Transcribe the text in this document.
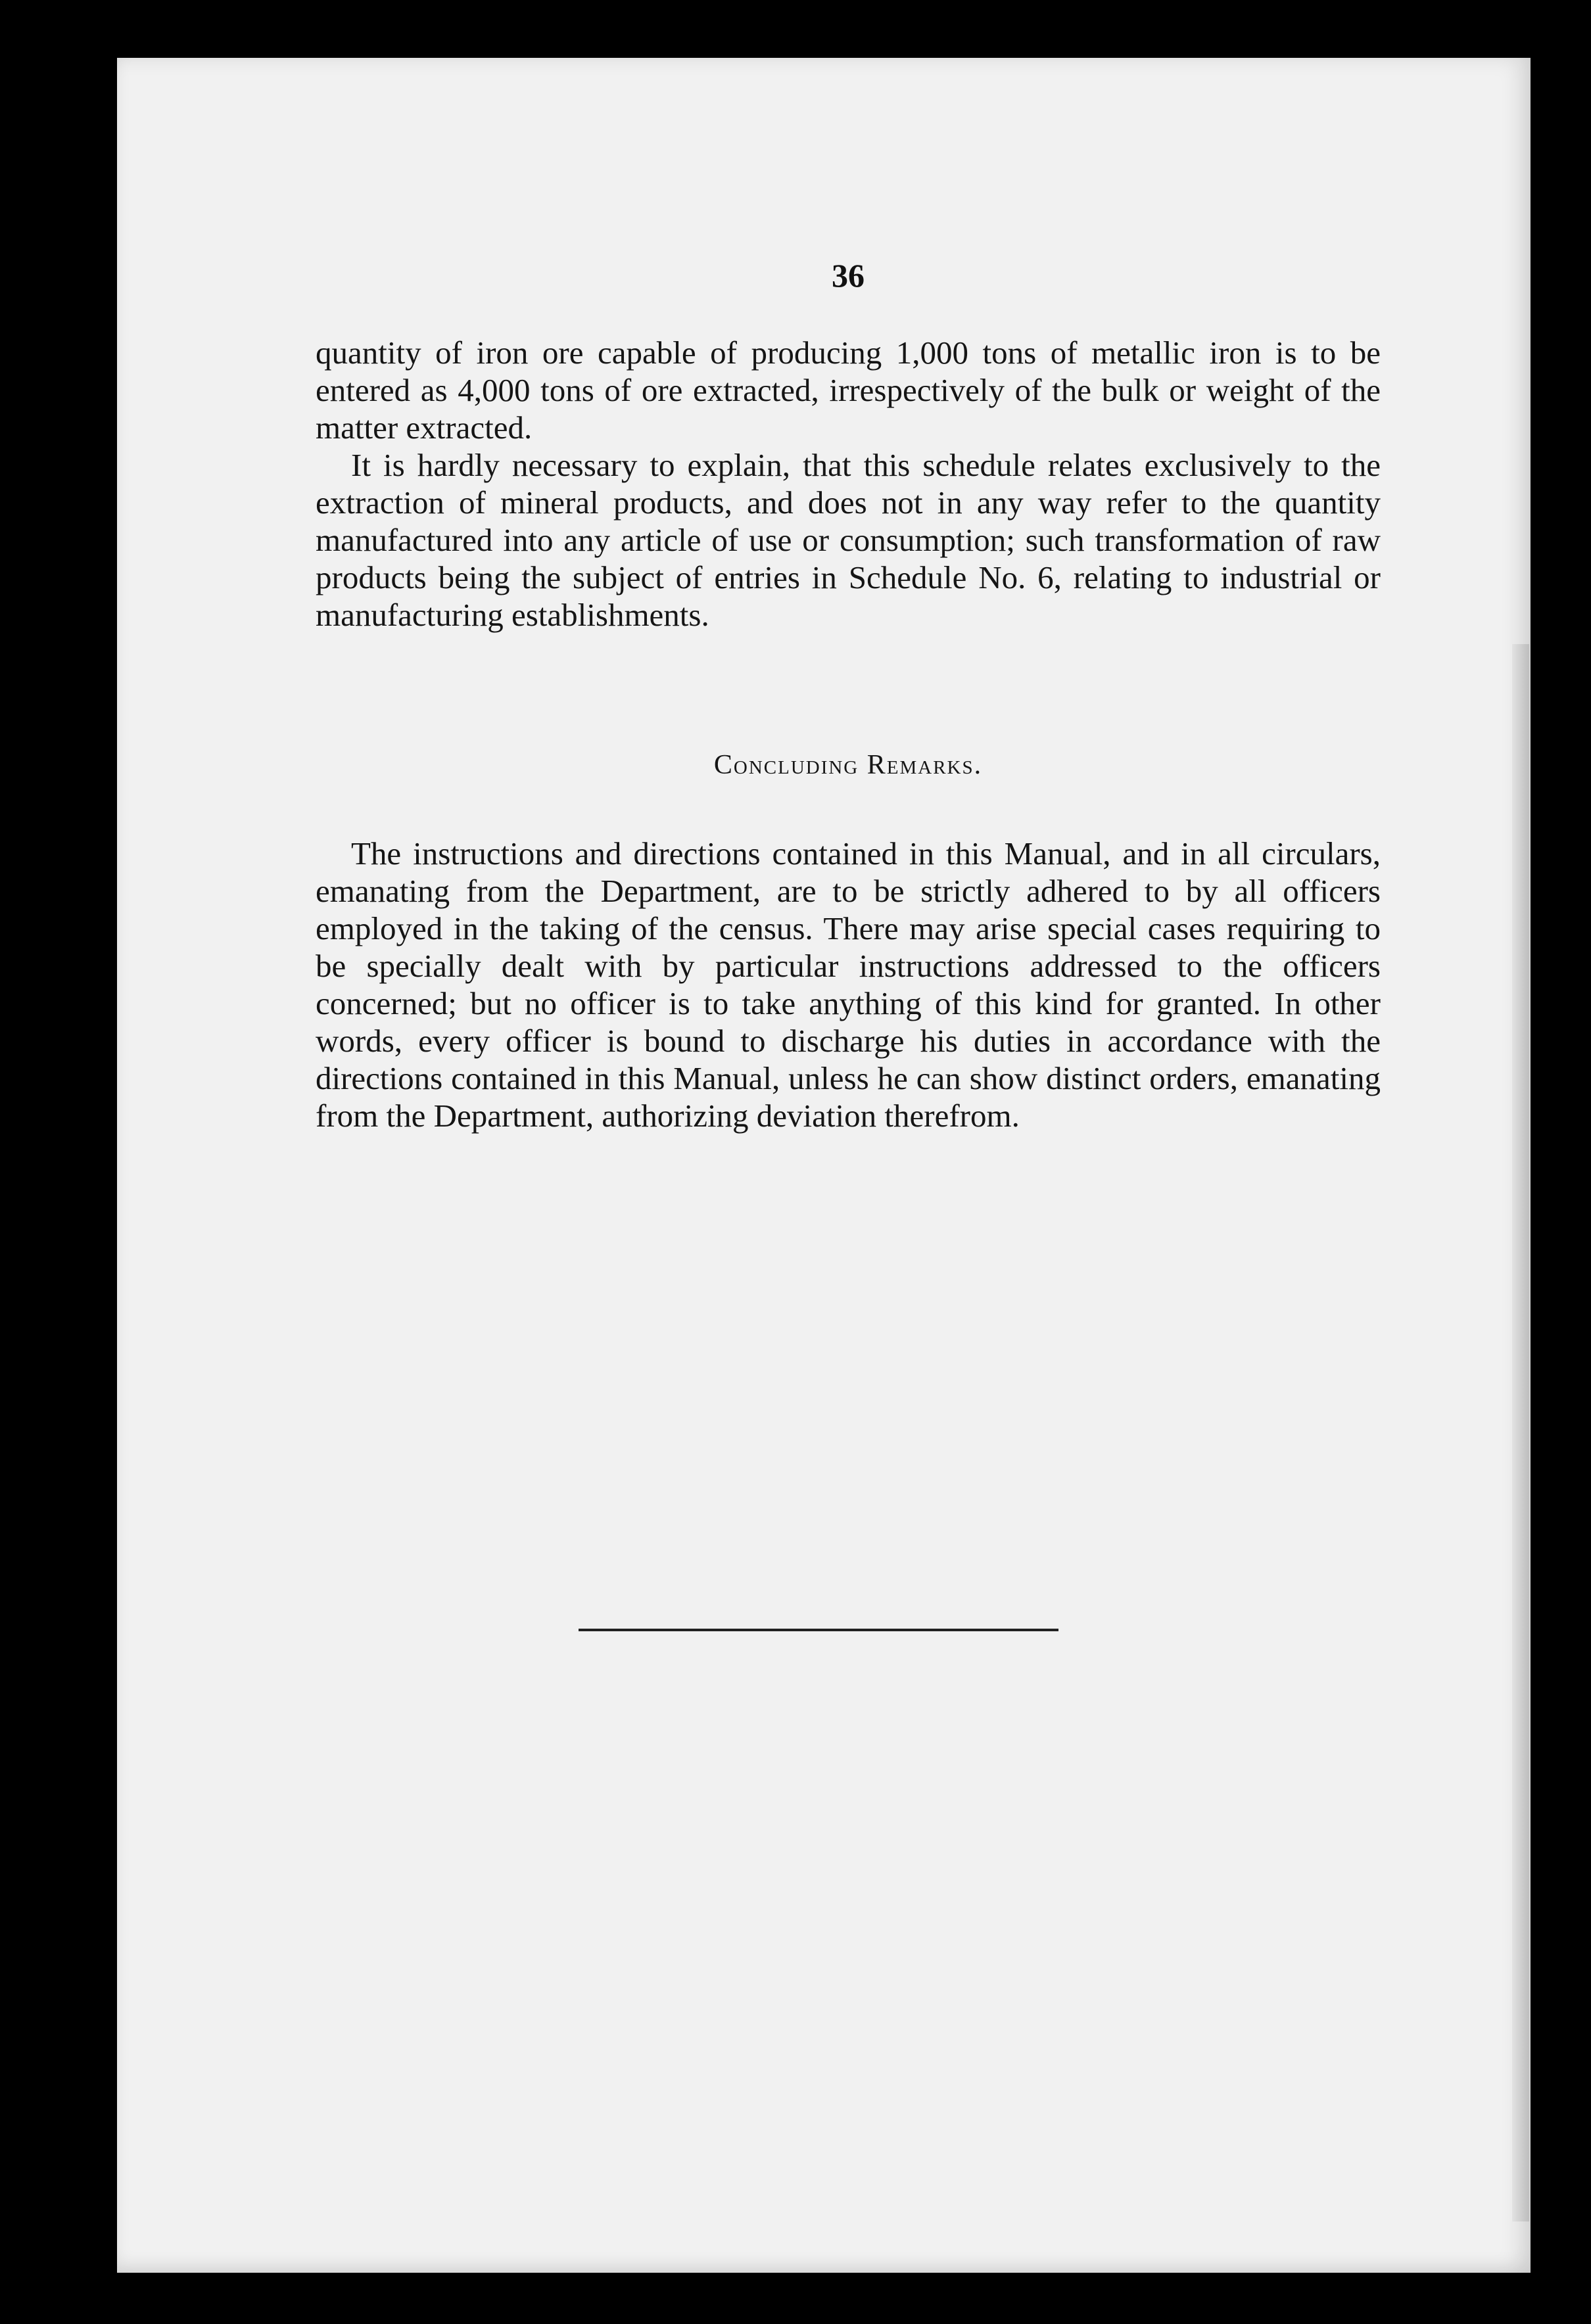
36

quantity of iron ore capable of producing 1,000 tons of metallic iron is to be entered as 4,000 tons of ore extracted, irrespectively of the bulk or weight of the matter extracted.

It is hardly necessary to explain, that this schedule relates exclusively to the extraction of mineral products, and does not in any way refer to the quantity manufactured into any article of use or consumption; such transformation of raw products being the subject of entries in Schedule No. 6, relating to industrial or manufacturing establishments.

Concluding Remarks.

The instructions and directions contained in this Manual, and in all circulars, emanating from the Department, are to be strictly adhered to by all officers employed in the taking of the census. There may arise special cases requiring to be specially dealt with by particular instructions addressed to the officers concerned; but no officer is to take anything of this kind for granted. In other words, every officer is bound to discharge his duties in accordance with the directions contained in this Manual, unless he can show distinct orders, emanating from the Department, authorizing deviation therefrom.
